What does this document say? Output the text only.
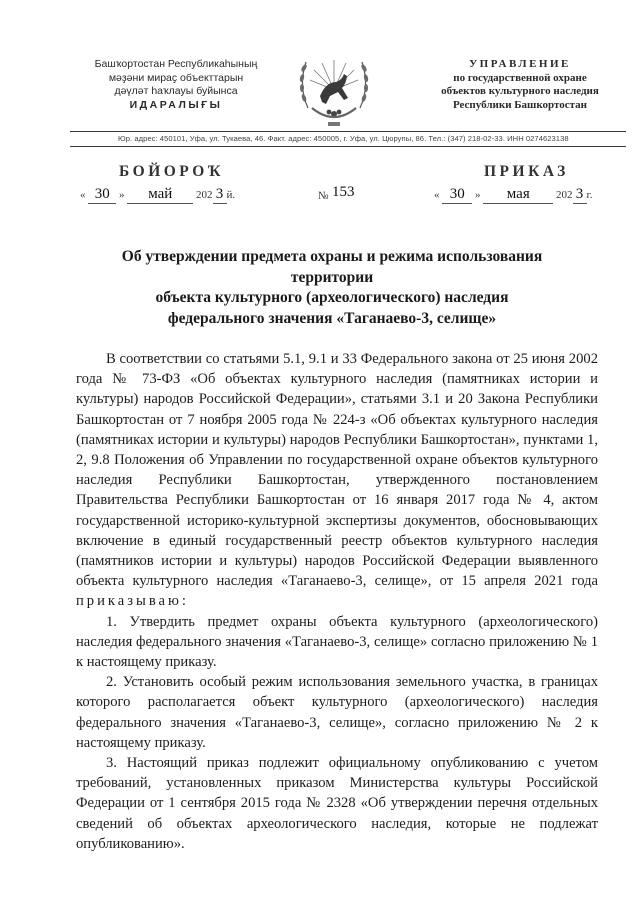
Башҡортостан Республикаһының
мәҙәни мираҫ объекттарын
дәүләт һаҡлауы буйынса
ИДАРАЛЫҒЫ
УПРАВЛЕНИЕ
по государственной охране
объектов культурного наследия
Республики Башкортостан
Юр. адрес: 450101, Уфа, ул. Тукаева, 46. Факт. адрес: 450005, г. Уфа, ул. Цюрупы, 86. Тел.: (347) 218-02-33. ИНН 0274623138
БОЙОРОҠ	ПРИКАЗ
« 30 » май 202 3 й.	№ 153	« 30 » мая 202 3 г.
Об утверждении предмета охраны и режима использования территории
объекта культурного (археологического) наследия
федерального значения «Таганаево-3, селище»

В соответствии со статьями 5.1, 9.1 и 33 Федерального закона от 25 июня 2002 года № 73-ФЗ «Об объектах культурного наследия (памятниках истории и культуры) народов Российской Федерации», статьями 3.1 и 20 Закона Республики Башкортостан от 7 ноября 2005 года № 224-з «Об объектах культурного наследия (памятниках истории и культуры) народов Республики Башкортостан», пунктами 1, 2, 9.8 Положения об Управлении по государственной охране объектов культурного наследия Республики Башкортостан, утвержденного постановлением Правительства Республики Башкортостан от 16 января 2017 года № 4, актом государственной историко-культурной экспертизы документов, обосновывающих включение в единый государственный реестр объектов культурного наследия (памятников истории и культуры) народов Российской Федерации выявленного объекта культурного наследия «Таганаево-3, селище», от 15 апреля 2021 года приказываю:

1. Утвердить предмет охраны объекта культурного (археологического) наследия федерального значения «Таганаево-3, селище» согласно приложению № 1 к настоящему приказу.

2. Установить особый режим использования земельного участка, в границах которого располагается объект культурного (археологического) наследия федерального значения «Таганаево-3, селище», согласно приложению № 2 к настоящему приказу.

3. Настоящий приказ подлежит официальному опубликованию с учетом требований, установленных приказом Министерства культуры Российской Федерации от 1 сентября 2015 года № 2328 «Об утверждении перечня отдельных сведений об объектах археологического наследия, которые не подлежат опубликованию».
